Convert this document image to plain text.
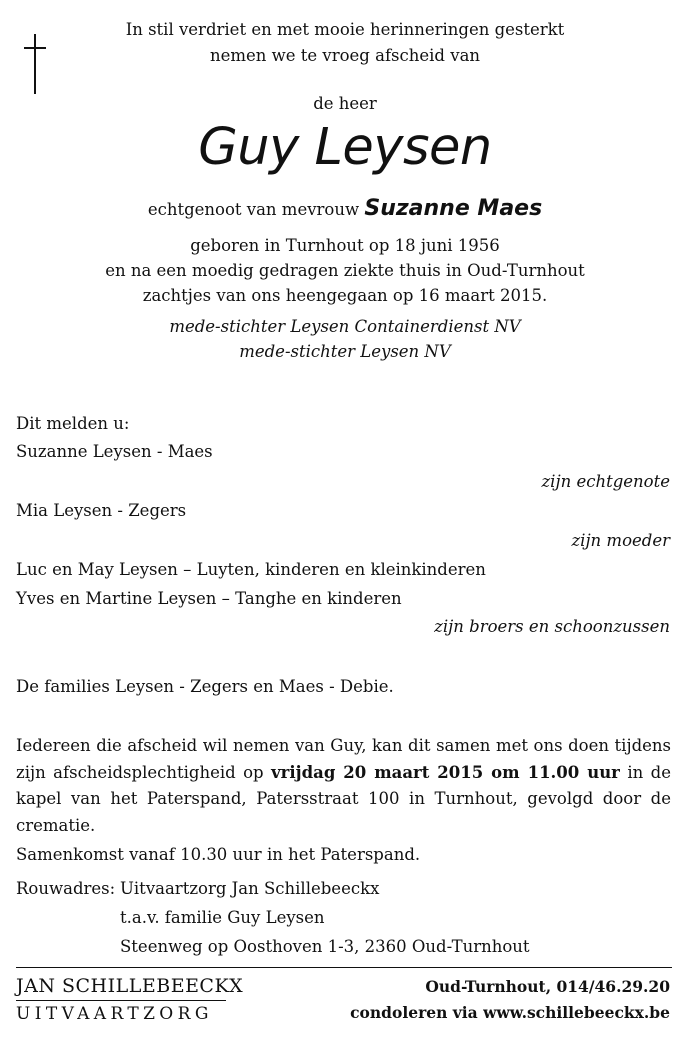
In stil verdriet en met mooie herinneringen gesterkt
nemen we te vroeg afscheid van
de heer
Guy Leysen
echtgenoot van mevrouw Suzanne Maes
geboren in Turnhout op 18 juni 1956
en na een moedig gedragen ziekte thuis in Oud-Turnhout
zachtjes van ons heengegaan op 16 maart 2015.
mede-stichter Leysen Containerdienst NV
mede-stichter Leysen NV
Dit melden u:
Suzanne Leysen - Maes
zijn echtgenote
Mia Leysen - Zegers
zijn moeder
Luc en May Leysen – Luyten, kinderen en kleinkinderen
Yves en Martine Leysen – Tanghe en kinderen
zijn broers en schoonzussen
De families Leysen - Zegers en Maes - Debie.
Iedereen die afscheid wil nemen van Guy, kan dit samen met ons doen tijdens zijn afscheidsplechtigheid op vrijdag 20 maart 2015 om 11.00 uur in de kapel van het Paterspand, Patersstraat 100 in Turnhout, gevolgd door de crematie.
Samenkomst vanaf 10.30 uur in het Paterspand.
Rouwadres: Uitvaartzorg Jan Schillebeeckx
t.a.v. familie Guy Leysen
Steenweg op Oosthoven 1-3, 2360 Oud-Turnhout
JAN SCHILLEBEECKX
UITVAARTZORG
Oud-Turnhout, 014/46.29.20
condoleren via www.schillebeeckx.be
